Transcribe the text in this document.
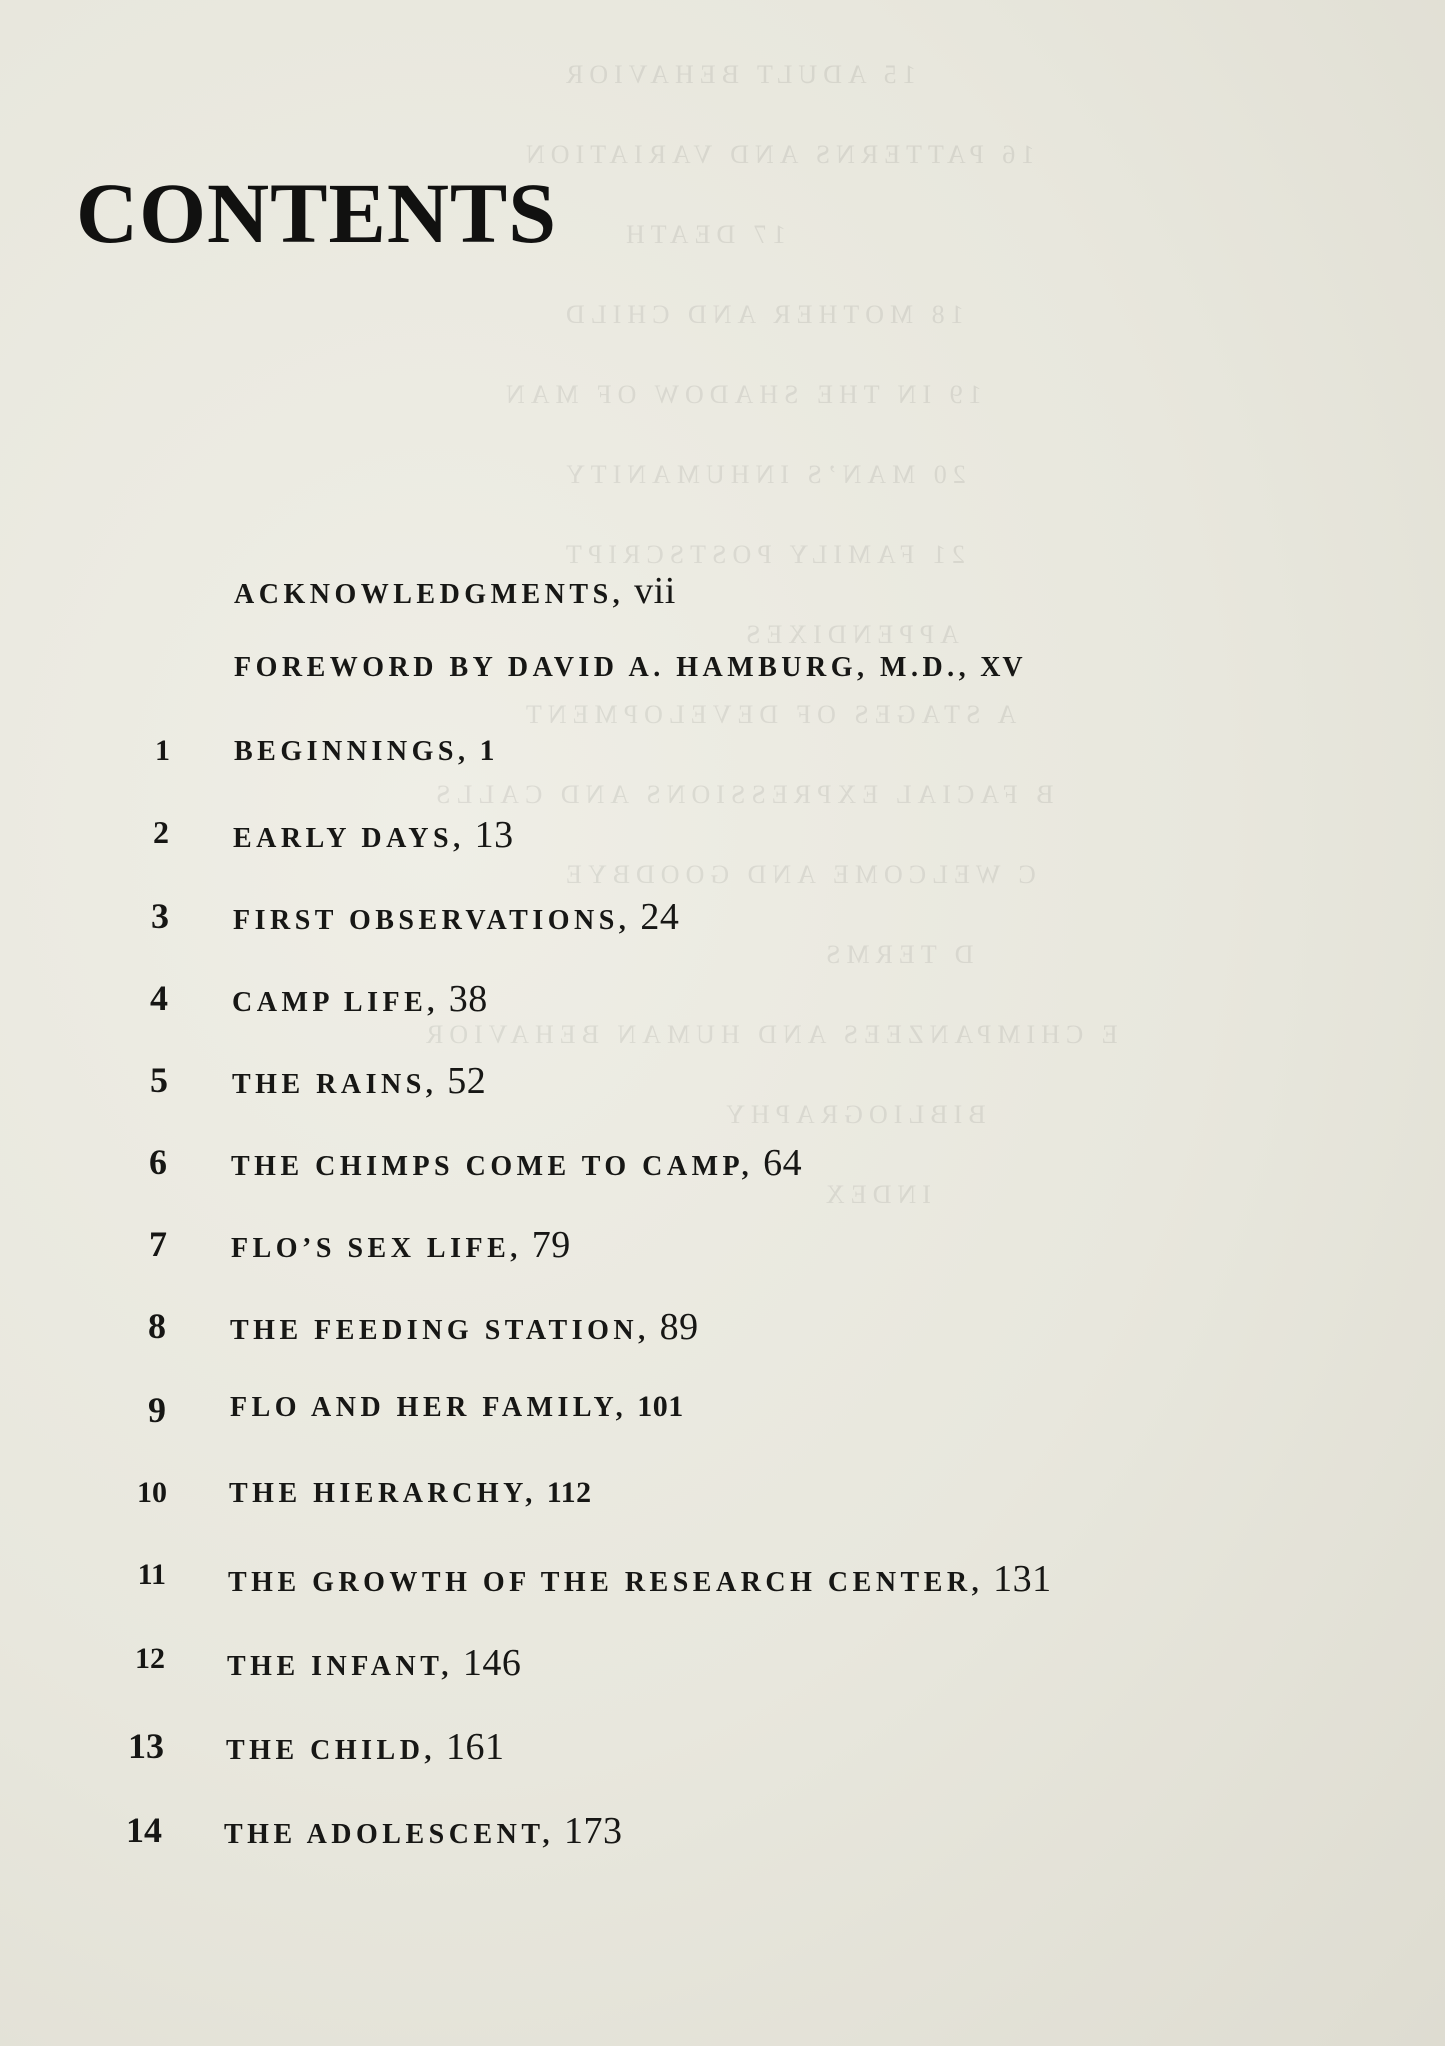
15 ADULT BEHAVIOR
16 PATTERNS AND VARIATION
17 DEATH
18 MOTHER AND CHILD
19 IN THE SHADOW OF MAN
20 MAN’S INHUMANITY
21 FAMILY POSTSCRIPT
APPENDIXES
A STAGES OF DEVELOPMENT
B FACIAL EXPRESSIONS AND CALLS
C WELCOME AND GOODBYE
D TERMS
E CHIMPANZEES AND HUMAN BEHAVIOR
BIBLIOGRAPHY
INDEX
CONTENTS
ACKNOWLEDGMENTS, vii
FOREWORD BY DAVID A. HAMBURG, M.D., XV
1 BEGINNINGS, 1
2 EARLY DAYS, 13
3 FIRST OBSERVATIONS, 24
4 CAMP LIFE, 38
5 THE RAINS, 52
6 THE CHIMPS COME TO CAMP, 64
7 FLO’S SEX LIFE, 79
8 THE FEEDING STATION, 89
9 FLO AND HER FAMILY, 101
10 THE HIERARCHY, 112
11 THE GROWTH OF THE RESEARCH CENTER, 131
12 THE INFANT, 146
13 THE CHILD, 161
14 THE ADOLESCENT, 173
